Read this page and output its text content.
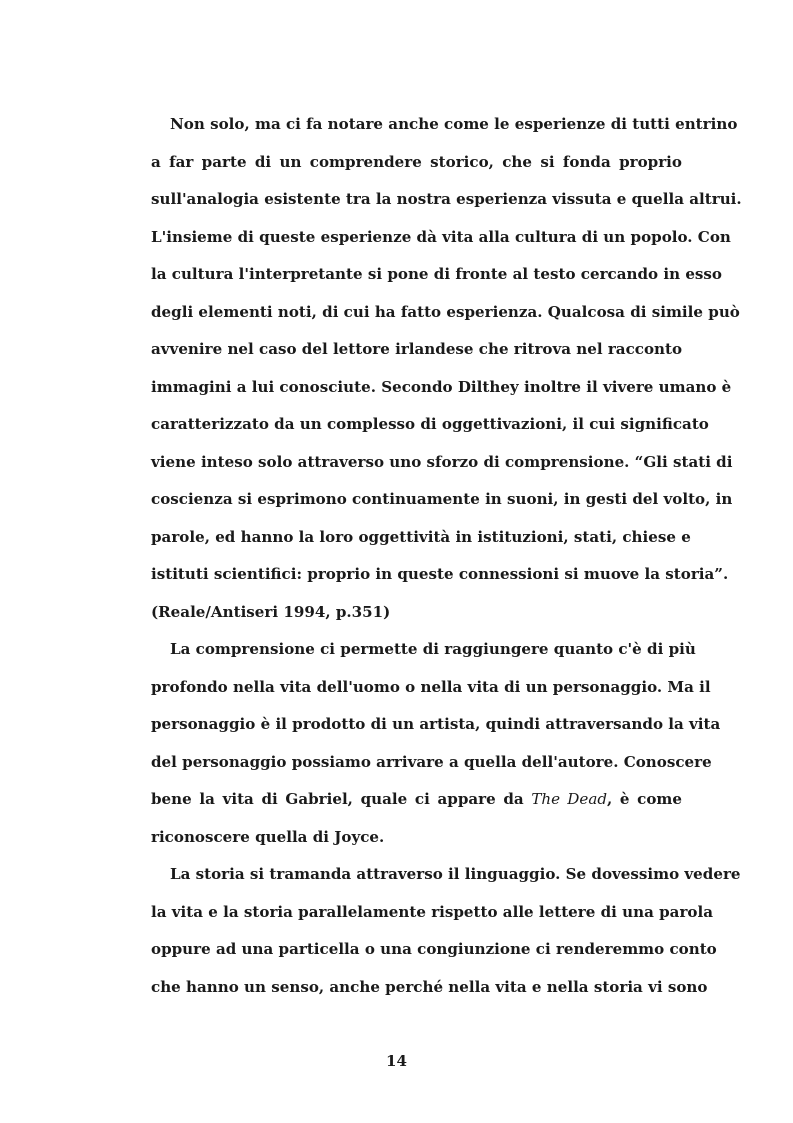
Non solo, ma ci fa notare anche come le esperienze di tutti entrino
a far parte di un comprendere storico, che si fonda proprio
sull'analogia esistente tra la nostra esperienza vissuta e quella altrui.
L'insieme di queste esperienze dà vita alla cultura di un popolo. Con
la cultura l'interpretante si pone di fronte al testo cercando in esso
degli elementi noti, di cui ha fatto esperienza. Qualcosa di simile può
avvenire nel caso del lettore irlandese che ritrova nel racconto
immagini a lui conosciute. Secondo Dilthey inoltre il vivere umano è
caratterizzato da un complesso di oggettivazioni, il cui significato
viene inteso solo attraverso uno sforzo di comprensione. “Gli stati di
coscienza si esprimono continuamente in suoni, in gesti del volto, in
parole, ed hanno la loro oggettività in istituzioni, stati, chiese e
istituti scientifici: proprio in queste connessioni si muove la storia”.
(Reale/Antiseri 1994, p.351)
La comprensione ci permette di raggiungere quanto c'è di più
profondo nella vita dell'uomo o nella vita di un personaggio. Ma il
personaggio è il prodotto di un artista, quindi attraversando la vita
del personaggio possiamo arrivare a quella dell'autore. Conoscere
bene la vita di Gabriel, quale ci appare da The Dead, è come
riconoscere quella di Joyce.
La storia si tramanda attraverso il linguaggio. Se dovessimo vedere
la vita e la storia parallelamente rispetto alle lettere di una parola
oppure ad una particella o una congiunzione ci renderemmo conto
che hanno un senso, anche perché nella vita e nella storia vi sono
14
